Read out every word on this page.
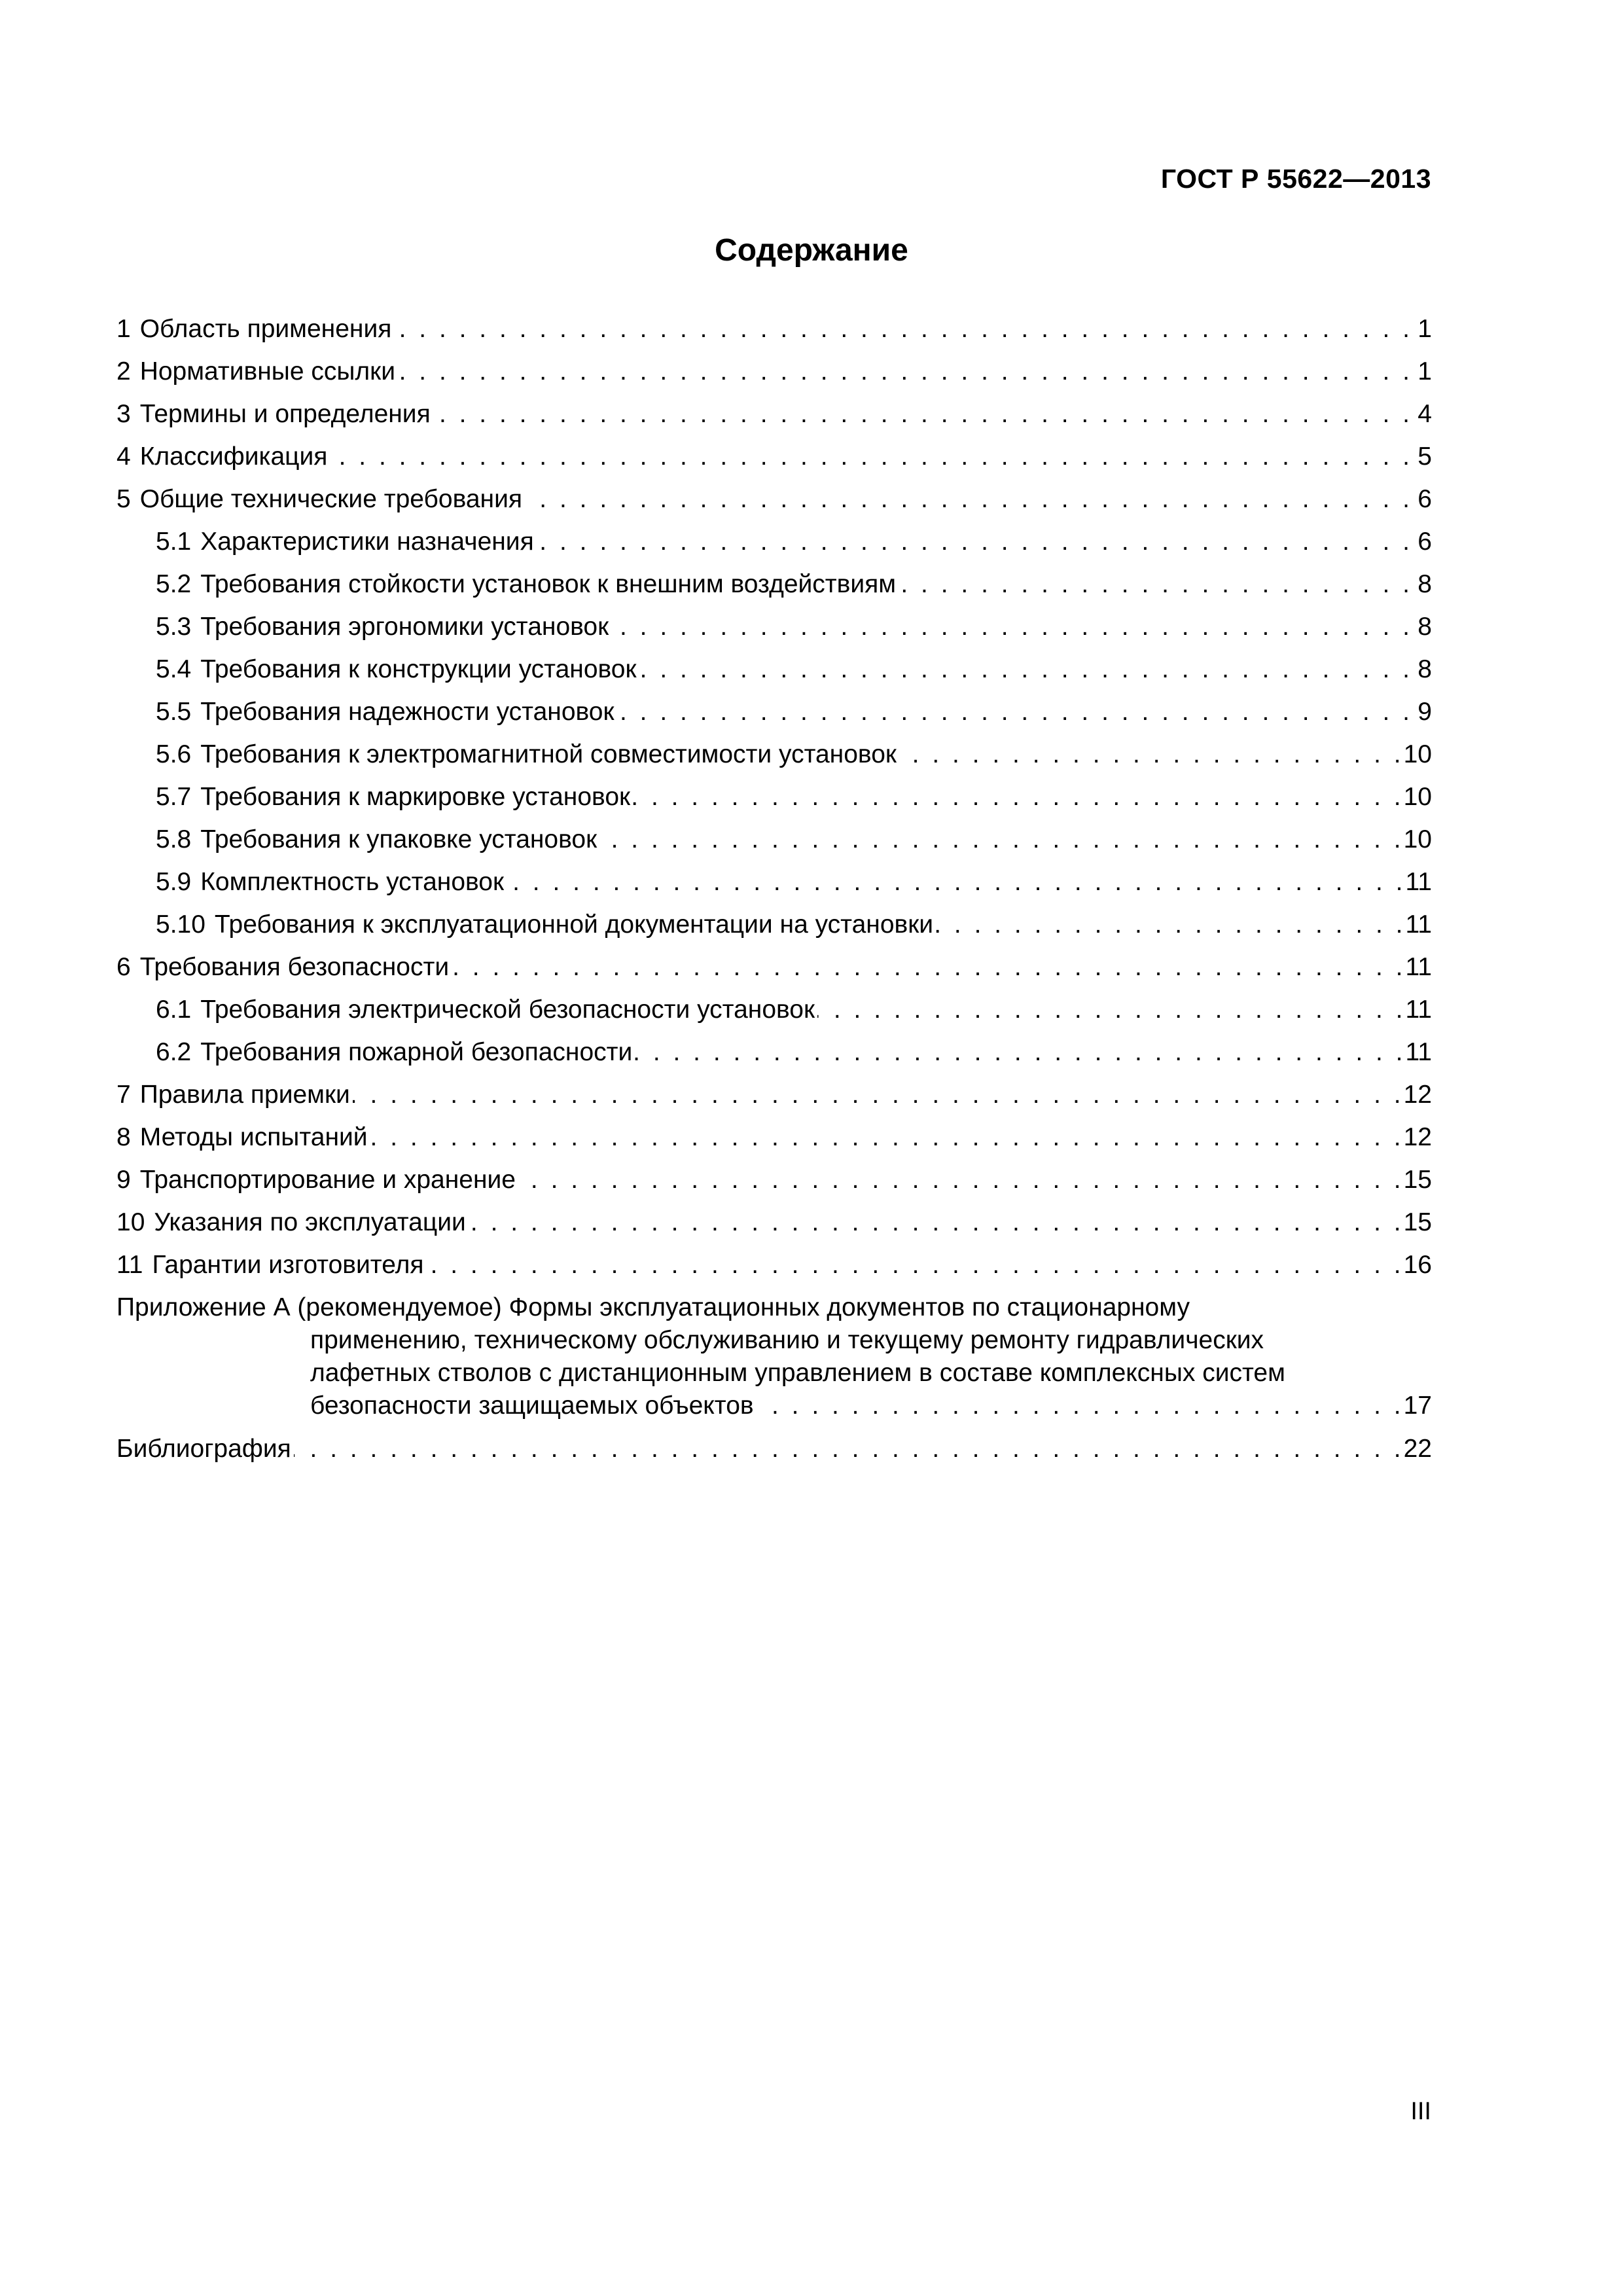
ГОСТ Р 55622—2013
Содержание
1 Область применения . . .	1
2 Нормативные ссылки . . .	1
3 Термины и определения . . .	4
4 Классификация . . .	5
5 Общие технические требования . . .	6
5.1 Характеристики назначения . . .	6
5.2 Требования стойкости установок к внешним воздействиям . . .	8
5.3 Требования эргономики установок . . .	8
5.4 Требования к конструкции установок . . .	8
5.5 Требования надежности установок . . .	9
5.6 Требования к электромагнитной совместимости установок . . .	10
5.7 Требования к маркировке установок . . .	10
5.8 Требования к упаковке установок . . .	10
5.9 Комплектность установок . . .	11
5.10 Требования к эксплуатационной документации на установки . . .	11
6 Требования безопасности . . .	11
6.1 Требования электрической безопасности установок . . .	11
6.2 Требования пожарной безопасности . . .	11
7 Правила приемки . . .	12
8 Методы испытаний . . .	12
9 Транспортирование и хранение . . .	15
10 Указания по эксплуатации . . .	15
11 Гарантии изготовителя . . .	16
Приложение А (рекомендуемое) Формы эксплуатационных документов по стационарному
применению, техническому обслуживанию и текущему ремонту гидравлических
лафетных стволов с дистанционным управлением в составе комплексных систем
безопасности защищаемых объектов . . .	17
Библиография . . .	22
III
